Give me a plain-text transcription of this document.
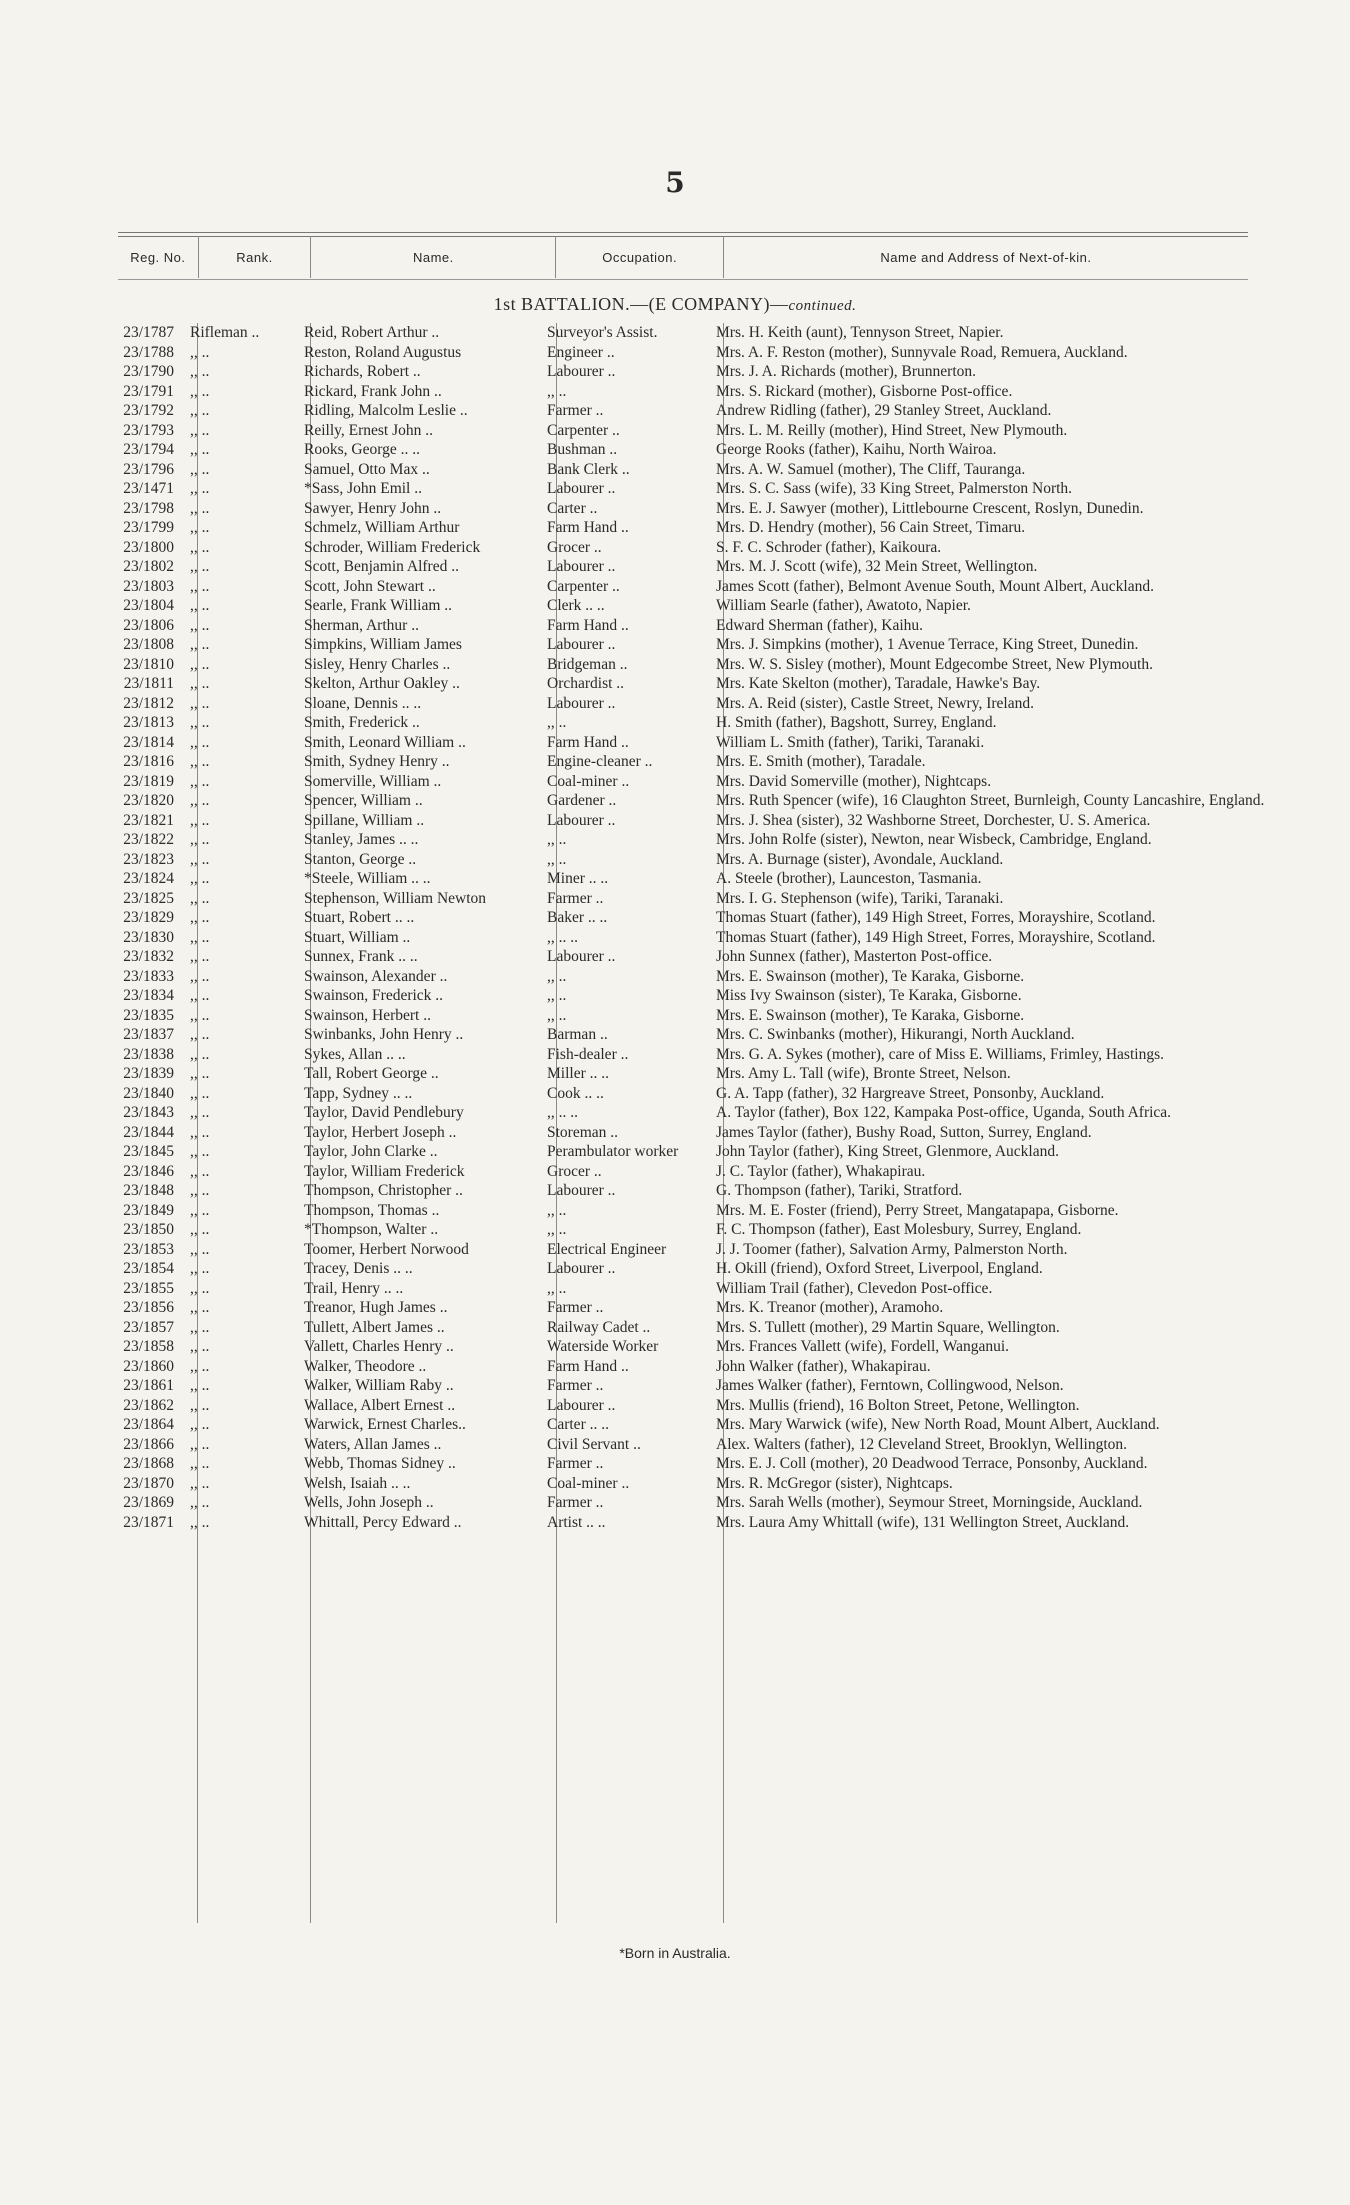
5
Reg. No.	Rank.	Name.	Occupation.	Name and Address of Next-of-kin.
1st BATTALION.—(E COMPANY)—continued.
23/1787	Rifleman ..	Reid, Robert Arthur ..	Surveyor's Assist.	Mrs. H. Keith (aunt), Tennyson Street, Napier.
23/1788	,, ..	Reston, Roland Augustus	Engineer ..	Mrs. A. F. Reston (mother), Sunnyvale Road, Remuera, Auckland.
23/1790	,, ..	Richards, Robert ..	Labourer ..	Mrs. J. A. Richards (mother), Brunnerton.
23/1791	,, ..	Rickard, Frank John ..	,, ..	Mrs. S. Rickard (mother), Gisborne Post-office.
23/1792	,, ..	Ridling, Malcolm Leslie ..	Farmer ..	Andrew Ridling (father), 29 Stanley Street, Auckland.
23/1793	,, ..	Reilly, Ernest John ..	Carpenter ..	Mrs. L. M. Reilly (mother), Hind Street, New Plymouth.
23/1794	,, ..	Rooks, George .. ..	Bushman ..	George Rooks (father), Kaihu, North Wairoa.
23/1796	,, ..	Samuel, Otto Max ..	Bank Clerk ..	Mrs. A. W. Samuel (mother), The Cliff, Tauranga.
23/1471	,, ..	*Sass, John Emil ..	Labourer ..	Mrs. S. C. Sass (wife), 33 King Street, Palmerston North.
23/1798	,, ..	Sawyer, Henry John ..	Carter ..	Mrs. E. J. Sawyer (mother), Littlebourne Crescent, Roslyn, Dunedin.
23/1799	,, ..	Schmelz, William Arthur	Farm Hand ..	Mrs. D. Hendry (mother), 56 Cain Street, Timaru.
23/1800	,, ..	Schroder, William Frederick	Grocer ..	S. F. C. Schroder (father), Kaikoura.
23/1802	,, ..	Scott, Benjamin Alfred ..	Labourer ..	Mrs. M. J. Scott (wife), 32 Mein Street, Wellington.
23/1803	,, ..	Scott, John Stewart ..	Carpenter ..	James Scott (father), Belmont Avenue South, Mount Albert, Auckland.
23/1804	,, ..	Searle, Frank William ..	Clerk .. ..	William Searle (father), Awatoto, Napier.
23/1806	,, ..	Sherman, Arthur ..	Farm Hand ..	Edward Sherman (father), Kaihu.
23/1808	,, ..	Simpkins, William James	Labourer ..	Mrs. J. Simpkins (mother), 1 Avenue Terrace, King Street, Dunedin.
23/1810	,, ..	Sisley, Henry Charles ..	Bridgeman ..	Mrs. W. S. Sisley (mother), Mount Edgecombe Street, New Plymouth.
23/1811	,, ..	Skelton, Arthur Oakley ..	Orchardist ..	Mrs. Kate Skelton (mother), Taradale, Hawke's Bay.
23/1812	,, ..	Sloane, Dennis .. ..	Labourer ..	Mrs. A. Reid (sister), Castle Street, Newry, Ireland.
23/1813	,, ..	Smith, Frederick ..	,, ..	H. Smith (father), Bagshott, Surrey, England.
23/1814	,, ..	Smith, Leonard William ..	Farm Hand ..	William L. Smith (father), Tariki, Taranaki.
23/1816	,, ..	Smith, Sydney Henry ..	Engine-cleaner ..	Mrs. E. Smith (mother), Taradale.
23/1819	,, ..	Somerville, William ..	Coal-miner ..	Mrs. David Somerville (mother), Nightcaps.
23/1820	,, ..	Spencer, William ..	Gardener ..	Mrs. Ruth Spencer (wife), 16 Claughton Street, Burnleigh, County Lancashire, England.
23/1821	,, ..	Spillane, William ..	Labourer ..	Mrs. J. Shea (sister), 32 Washborne Street, Dorchester, U. S. America.
23/1822	,, ..	Stanley, James .. ..	,, ..	Mrs. John Rolfe (sister), Newton, near Wisbeck, Cambridge, England.
23/1823	,, ..	Stanton, George ..	,, ..	Mrs. A. Burnage (sister), Avondale, Auckland.
23/1824	,, ..	*Steele, William .. ..	Miner .. ..	A. Steele (brother), Launceston, Tasmania.
23/1825	,, ..	Stephenson, William Newton	Farmer ..	Mrs. I. G. Stephenson (wife), Tariki, Taranaki.
23/1829	,, ..	Stuart, Robert .. ..	Baker .. ..	Thomas Stuart (father), 149 High Street, Forres, Morayshire, Scotland.
23/1830	,, ..	Stuart, William ..	,, .. ..	Thomas Stuart (father), 149 High Street, Forres, Morayshire, Scotland.
23/1832	,, ..	Sunnex, Frank .. ..	Labourer ..	John Sunnex (father), Masterton Post-office.
23/1833	,, ..	Swainson, Alexander ..	,, ..	Mrs. E. Swainson (mother), Te Karaka, Gisborne.
23/1834	,, ..	Swainson, Frederick ..	,, ..	Miss Ivy Swainson (sister), Te Karaka, Gisborne.
23/1835	,, ..	Swainson, Herbert ..	,, ..	Mrs. E. Swainson (mother), Te Karaka, Gisborne.
23/1837	,, ..	Swinbanks, John Henry ..	Barman ..	Mrs. C. Swinbanks (mother), Hikurangi, North Auckland.
23/1838	,, ..	Sykes, Allan .. ..	Fish-dealer ..	Mrs. G. A. Sykes (mother), care of Miss E. Williams, Frimley, Hastings.
23/1839	,, ..	Tall, Robert George ..	Miller .. ..	Mrs. Amy L. Tall (wife), Bronte Street, Nelson.
23/1840	,, ..	Tapp, Sydney .. ..	Cook .. ..	G. A. Tapp (father), 32 Hargreave Street, Ponsonby, Auckland.
23/1843	,, ..	Taylor, David Pendlebury	,, .. ..	A. Taylor (father), Box 122, Kampaka Post-office, Uganda, South Africa.
23/1844	,, ..	Taylor, Herbert Joseph ..	Storeman ..	James Taylor (father), Bushy Road, Sutton, Surrey, England.
23/1845	,, ..	Taylor, John Clarke ..	Perambulator worker	John Taylor (father), King Street, Glenmore, Auckland.
23/1846	,, ..	Taylor, William Frederick	Grocer ..	J. C. Taylor (father), Whakapirau.
23/1848	,, ..	Thompson, Christopher ..	Labourer ..	G. Thompson (father), Tariki, Stratford.
23/1849	,, ..	Thompson, Thomas ..	,, ..	Mrs. M. E. Foster (friend), Perry Street, Mangatapapa, Gisborne.
23/1850	,, ..	*Thompson, Walter ..	,, ..	F. C. Thompson (father), East Molesbury, Surrey, England.
23/1853	,, ..	Toomer, Herbert Norwood	Electrical Engineer	J. J. Toomer (father), Salvation Army, Palmerston North.
23/1854	,, ..	Tracey, Denis .. ..	Labourer ..	H. Okill (friend), Oxford Street, Liverpool, England.
23/1855	,, ..	Trail, Henry .. ..	,, ..	William Trail (father), Clevedon Post-office.
23/1856	,, ..	Treanor, Hugh James ..	Farmer ..	Mrs. K. Treanor (mother), Aramoho.
23/1857	,, ..	Tullett, Albert James ..	Railway Cadet ..	Mrs. S. Tullett (mother), 29 Martin Square, Wellington.
23/1858	,, ..	Vallett, Charles Henry ..	Waterside Worker	Mrs. Frances Vallett (wife), Fordell, Wanganui.
23/1860	,, ..	Walker, Theodore ..	Farm Hand ..	John Walker (father), Whakapirau.
23/1861	,, ..	Walker, William Raby ..	Farmer ..	James Walker (father), Ferntown, Collingwood, Nelson.
23/1862	,, ..	Wallace, Albert Ernest ..	Labourer ..	Mrs. Mullis (friend), 16 Bolton Street, Petone, Wellington.
23/1864	,, ..	Warwick, Ernest Charles..	Carter .. ..	Mrs. Mary Warwick (wife), New North Road, Mount Albert, Auckland.
23/1866	,, ..	Waters, Allan James ..	Civil Servant ..	Alex. Walters (father), 12 Cleveland Street, Brooklyn, Wellington.
23/1868	,, ..	Webb, Thomas Sidney ..	Farmer ..	Mrs. E. J. Coll (mother), 20 Deadwood Terrace, Ponsonby, Auckland.
23/1870	,, ..	Welsh, Isaiah .. ..	Coal-miner ..	Mrs. R. McGregor (sister), Nightcaps.
23/1869	,, ..	Wells, John Joseph ..	Farmer ..	Mrs. Sarah Wells (mother), Seymour Street, Morningside, Auckland.
23/1871	,, ..	Whittall, Percy Edward ..	Artist .. ..	Mrs. Laura Amy Whittall (wife), 131 Wellington Street, Auckland.
*Born in Australia.
